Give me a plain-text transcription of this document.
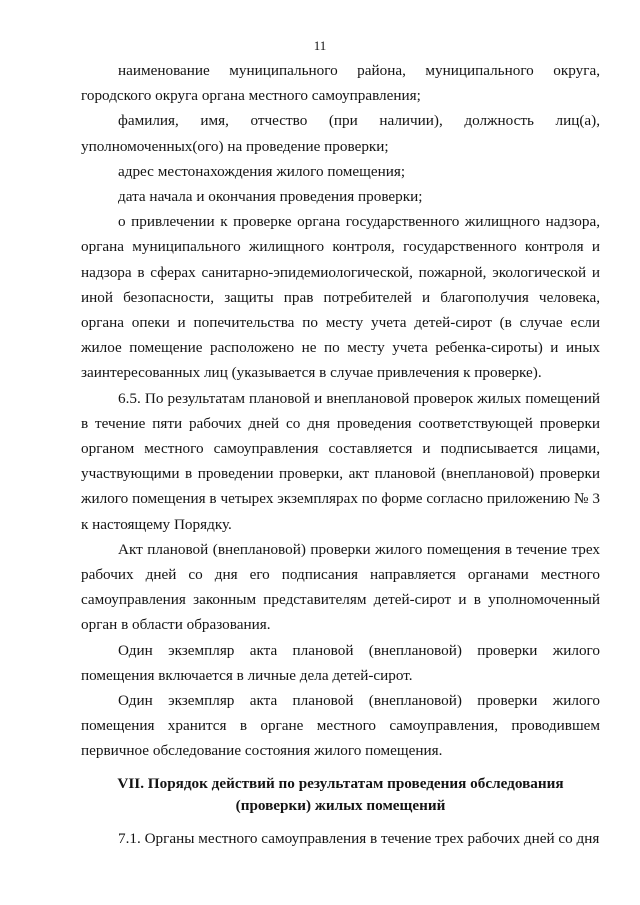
11

наименование муниципального района, муниципального округа, городского округа органа местного самоуправления;

фамилия, имя, отчество (при наличии), должность лиц(а), уполномоченных(ого) на проведение проверки;

адрес местонахождения жилого помещения;

дата начала и окончания проведения проверки;

о привлечении к проверке органа государственного жилищного надзора, органа муниципального жилищного контроля, государственного контроля и надзора в сферах санитарно-эпидемиологической, пожарной, экологической и иной безопасности, защиты прав потребителей и благополучия человека, органа опеки и попечительства по месту учета детей-сирот (в случае если жилое помещение расположено не по месту учета ребенка-сироты) и иных заинтересованных лиц (указывается в случае привлечения к проверке).

6.5. По результатам плановой и внеплановой проверок жилых помещений в течение пяти рабочих дней со дня проведения соответствующей проверки органом местного самоуправления составляется и подписывается лицами, участвующими в проведении проверки, акт плановой (внеплановой) проверки жилого помещения в четырех экземплярах по форме согласно приложению № 3 к настоящему Порядку.

Акт плановой (внеплановой) проверки жилого помещения в течение трех рабочих дней со дня его подписания направляется органами местного самоуправления законным представителям детей-сирот и в уполномоченный орган в области образования.

Один экземпляр акта плановой (внеплановой) проверки жилого помещения включается в личные дела детей-сирот.

Один экземпляр акта плановой (внеплановой) проверки жилого помещения хранится в органе местного самоуправления, проводившем первичное обследование состояния жилого помещения.

VII. Порядок действий по результатам проведения обследования
(проверки) жилых помещений

7.1. Органы местного самоуправления в течение трех рабочих дней со дня
